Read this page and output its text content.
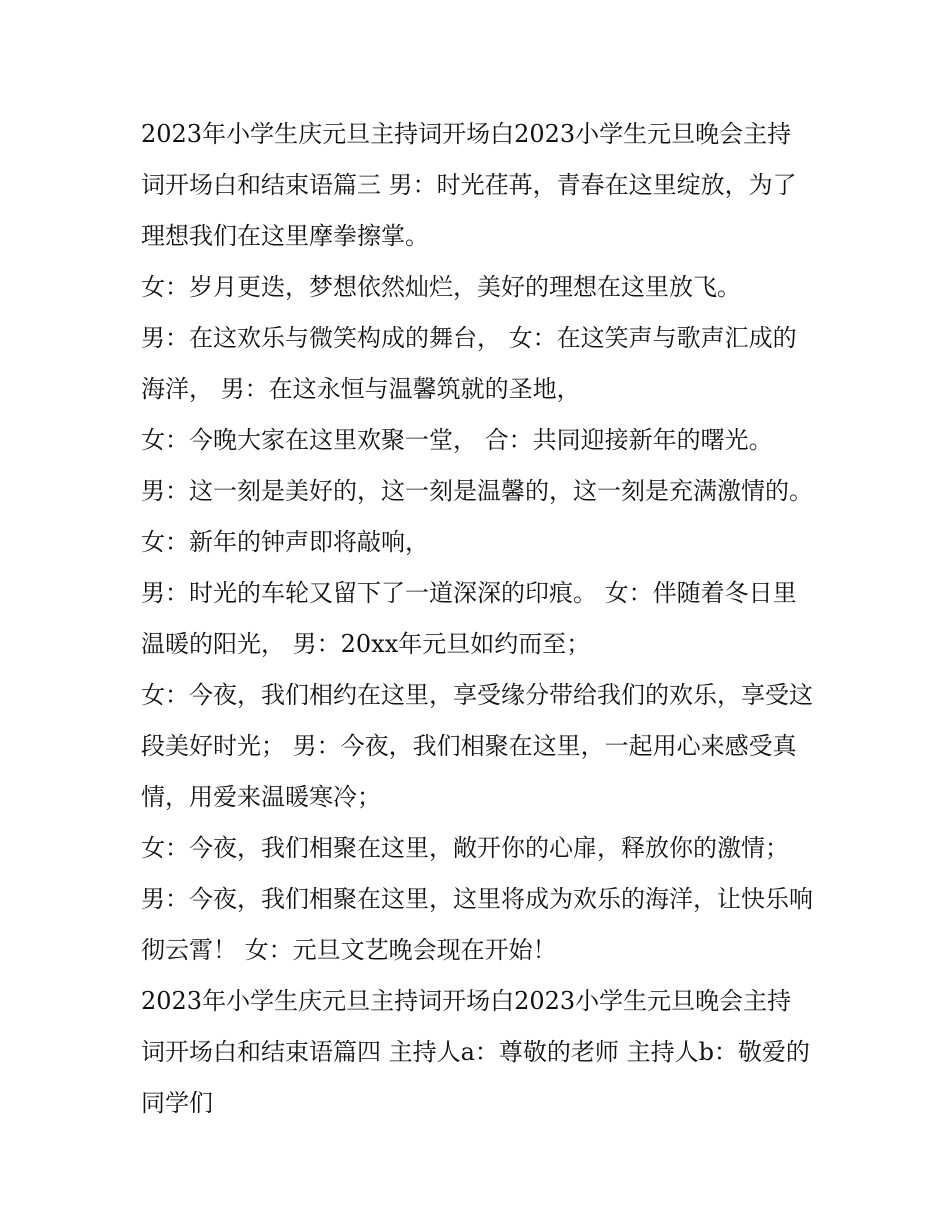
2023年小学生庆元旦主持词开场白2023小学生元旦晚会主持词开场白和结束语篇三 男：时光荏苒，青春在这里绽放，为了理想我们在这里摩拳擦掌。

女：岁月更迭，梦想依然灿烂，美好的理想在这里放飞。

男：在这欢乐与微笑构成的舞台， 女：在这笑声与歌声汇成的海洋， 男：在这永恒与温馨筑就的圣地，

女：今晚大家在这里欢聚一堂， 合：共同迎接新年的曙光。

男：这一刻是美好的，这一刻是温馨的，这一刻是充满激情的。 女：新年的钟声即将敲响，

男：时光的车轮又留下了一道深深的印痕。 女：伴随着冬日里温暖的阳光， 男：20xx年元旦如约而至；

女：今夜，我们相约在这里，享受缘分带给我们的欢乐，享受这段美好时光； 男：今夜，我们相聚在这里，一起用心来感受真情，用爱来温暖寒冷；

女：今夜，我们相聚在这里，敞开你的心扉，释放你的激情；

男：今夜，我们相聚在这里，这里将成为欢乐的海洋，让快乐响彻云霄！ 女：元旦文艺晚会现在开始！

2023年小学生庆元旦主持词开场白2023小学生元旦晚会主持词开场白和结束语篇四 主持人a：尊敬的老师 主持人b：敬爱的同学们
